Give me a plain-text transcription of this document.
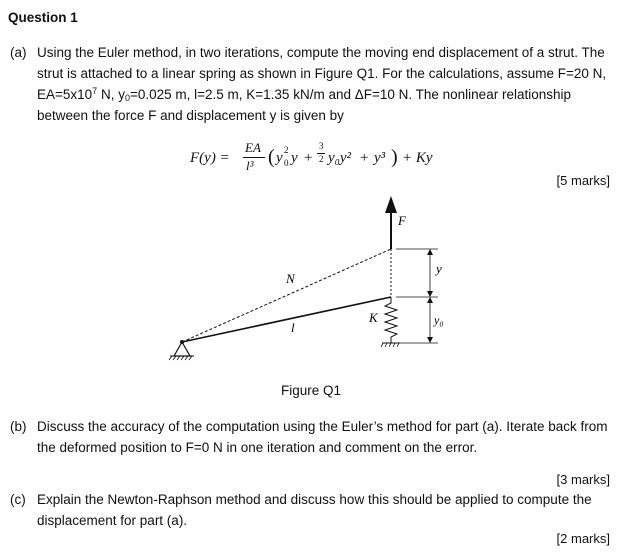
Question 1
(a) Using the Euler method, in two iterations, compute the moving end displacement of a strut. The
strut is attached to a linear spring as shown in Figure Q1. For the calculations, assume F=20 N,
$EA=5x10^7$ N, $y_0=0.025$ m, l=2.5 m, K=1.35 kN/m and ΔF=10 N. The nonlinear relationship
between the force F and displacement y is given by
F(y) =
EA
l³ ( y 2
0 y +
3
2 y₀y² + y³ ) + Ky
[5 marks]
F
N
l
K
y
y₀
Figure Q1
(b) Discuss the accuracy of the computation using the Euler’s method for part (a). Iterate back from
the deformed position to F=0 N in one iteration and comment on the error.
[3 marks]
(c) Explain the Newton-Raphson method and discuss how this should be applied to compute the
displacement for part (a).
[2 marks]
